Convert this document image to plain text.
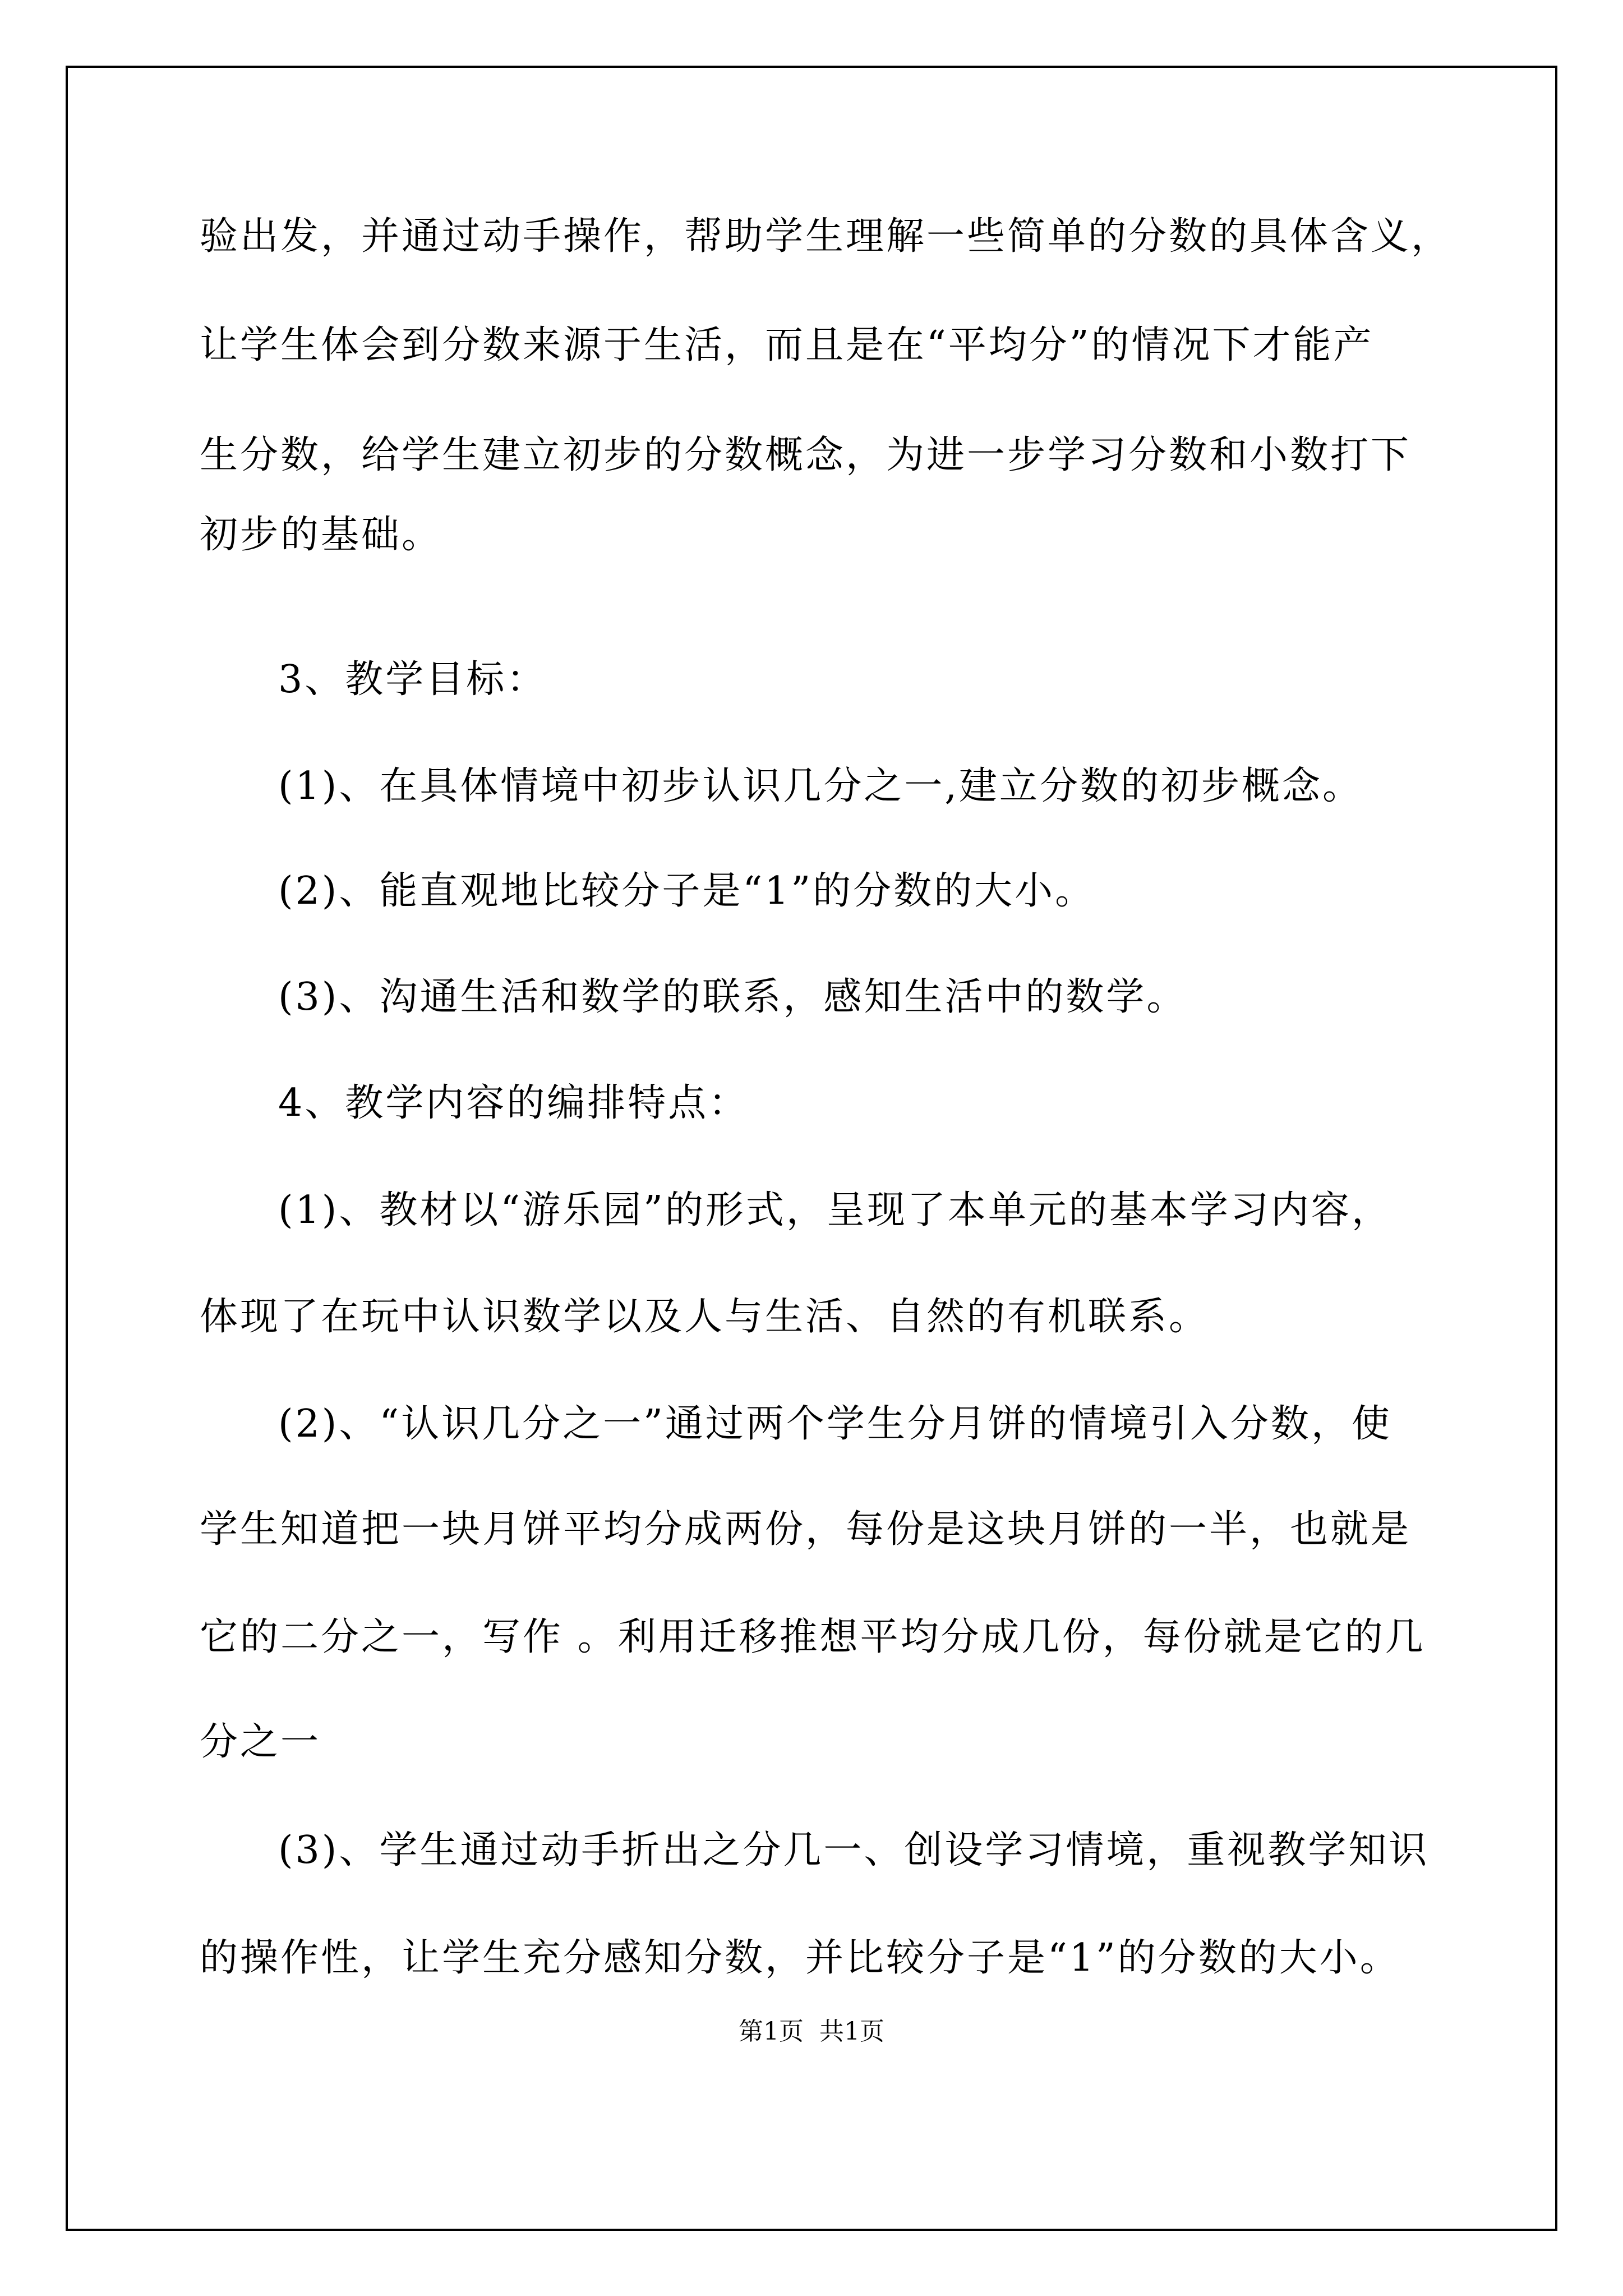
验出发，并通过动手操作，帮助学生理解一些简单的分数的具体含义，
让学生体会到分数来源于生活，而且是在“平均分”的情况下才能产
生分数，给学生建立初步的分数概念，为进一步学习分数和小数打下
初步的基础。
3、教学目标：
(1)、在具体情境中初步认识几分之一,建立分数的初步概念。
(2)、能直观地比较分子是“1”的分数的大小。
(3)、沟通生活和数学的联系，感知生活中的数学。
4、教学内容的编排特点：
(1)、教材以“游乐园”的形式，呈现了本单元的基本学习内容，
体现了在玩中认识数学以及人与生活、自然的有机联系。
(2)、“认识几分之一”通过两个学生分月饼的情境引入分数，使
学生知道把一块月饼平均分成两份，每份是这块月饼的一半，也就是
它的二分之一，写作 。利用迁移推想平均分成几份，每份就是它的几
分之一
(3)、学生通过动手折出之分几一、创设学习情境，重视教学知识
的操作性，让学生充分感知分数，并比较分子是“1”的分数的大小。
第1页 共1页
